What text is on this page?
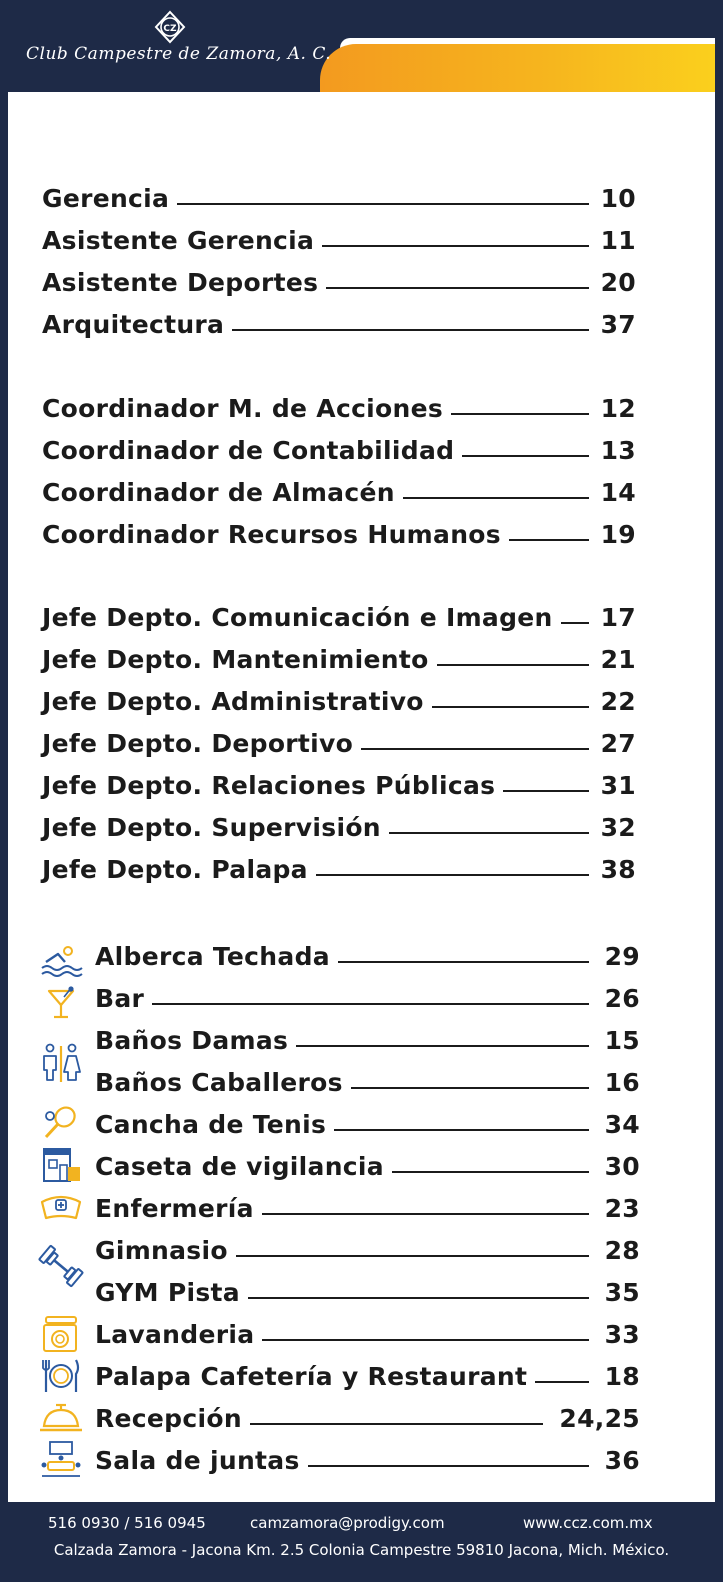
CZ
Club Campestre de Zamora, A. C.
Gerencia	10
Asistente Gerencia	11
Asistente Deportes	20
Arquitectura	37
Coordinador M. de Acciones	12
Coordinador de Contabilidad	13
Coordinador de Almacén	14
Coordinador Recursos Humanos	19
Jefe Depto. Comunicación e Imagen 17
Jefe Depto. Mantenimiento	21
Jefe Depto. Administrativo	22
Jefe Depto. Deportivo	27
Jefe Depto. Relaciones Públicas	31
Jefe Depto. Supervisión	32
Jefe Depto. Palapa	38
Alberca Techada	29
Bar	26
Baños Damas	15
Baños Caballeros	16
Cancha de Tenis	34
Caseta de vigilancia	30
Enfermería	23
Gimnasio	28
GYM Pista	35
Lavanderia	33
Palapa Cafetería y Restaurant	18
Recepción	24,25
Sala de juntas	36
516 0930 / 516 0945	camzamora@prodigy.com	www.ccz.com.mx
Calzada Zamora - Jacona Km. 2.5 Colonia Campestre 59810 Jacona, Mich. México.
